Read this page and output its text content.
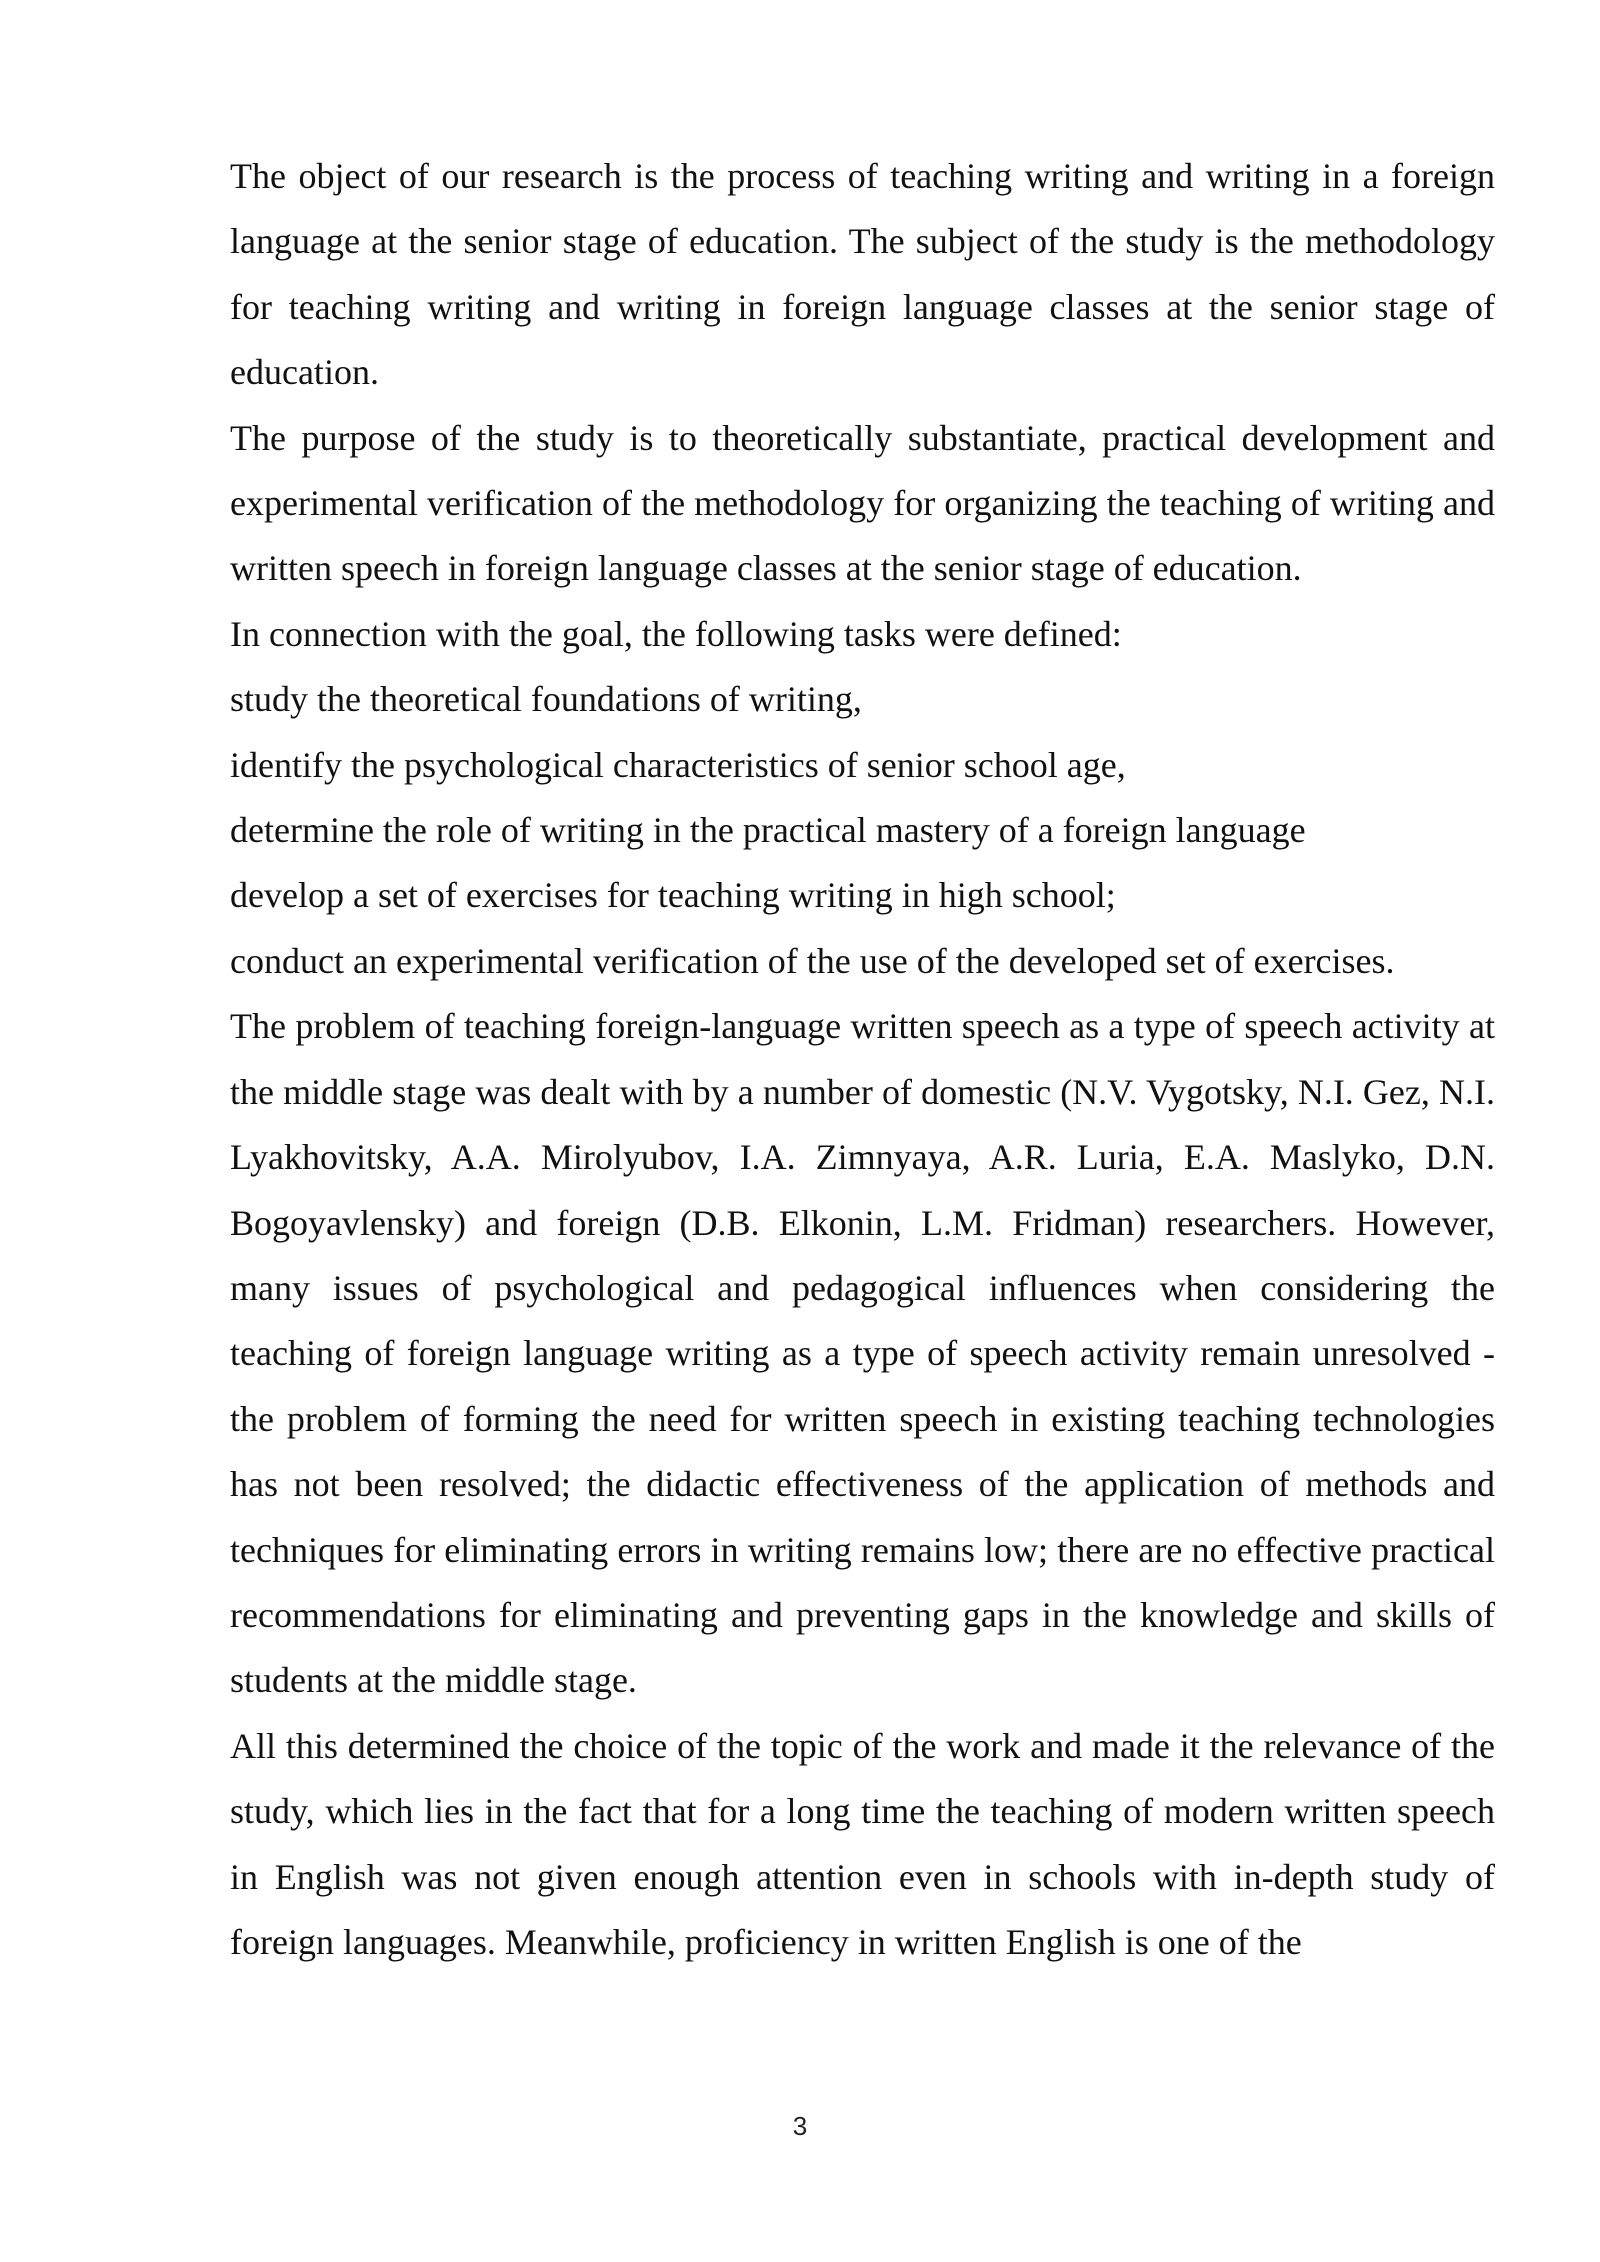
The object of our research is the process of teaching writing and writing in a foreign language at the senior stage of education. The subject of the study is the methodology for teaching writing and writing in foreign language classes at the senior stage of education.

The purpose of the study is to theoretically substantiate, practical development and experimental verification of the methodology for organizing the teaching of writing and written speech in foreign language classes at the senior stage of education.

In connection with the goal, the following tasks were defined:

study the theoretical foundations of writing,

identify the psychological characteristics of senior school age,

determine the role of writing in the practical mastery of a foreign language

develop a set of exercises for teaching writing in high school;

conduct an experimental verification of the use of the developed set of exercises.

The problem of teaching foreign-language written speech as a type of speech activity at the middle stage was dealt with by a number of domestic (N.V. Vygotsky, N.I. Gez, N.I. Lyakhovitsky, A.A. Mirolyubov, I.A. Zimnyaya, A.R. Luria, E.A. Maslyko, D.N. Bogoyavlensky) and foreign (D.B. Elkonin, L.M. Fridman) researchers. However, many issues of psychological and pedagogical influences when considering the teaching of foreign language writing as a type of speech activity remain unresolved - the problem of forming the need for written speech in existing teaching technologies has not been resolved; the didactic effectiveness of the application of methods and techniques for eliminating errors in writing remains low; there are no effective practical recommendations for eliminating and preventing gaps in the knowledge and skills of students at the middle stage.

All this determined the choice of the topic of the work and made it the relevance of the study, which lies in the fact that for a long time the teaching of modern written speech in English was not given enough attention even in schools with in-depth study of foreign languages. Meanwhile, proficiency in written English is one of the

3
